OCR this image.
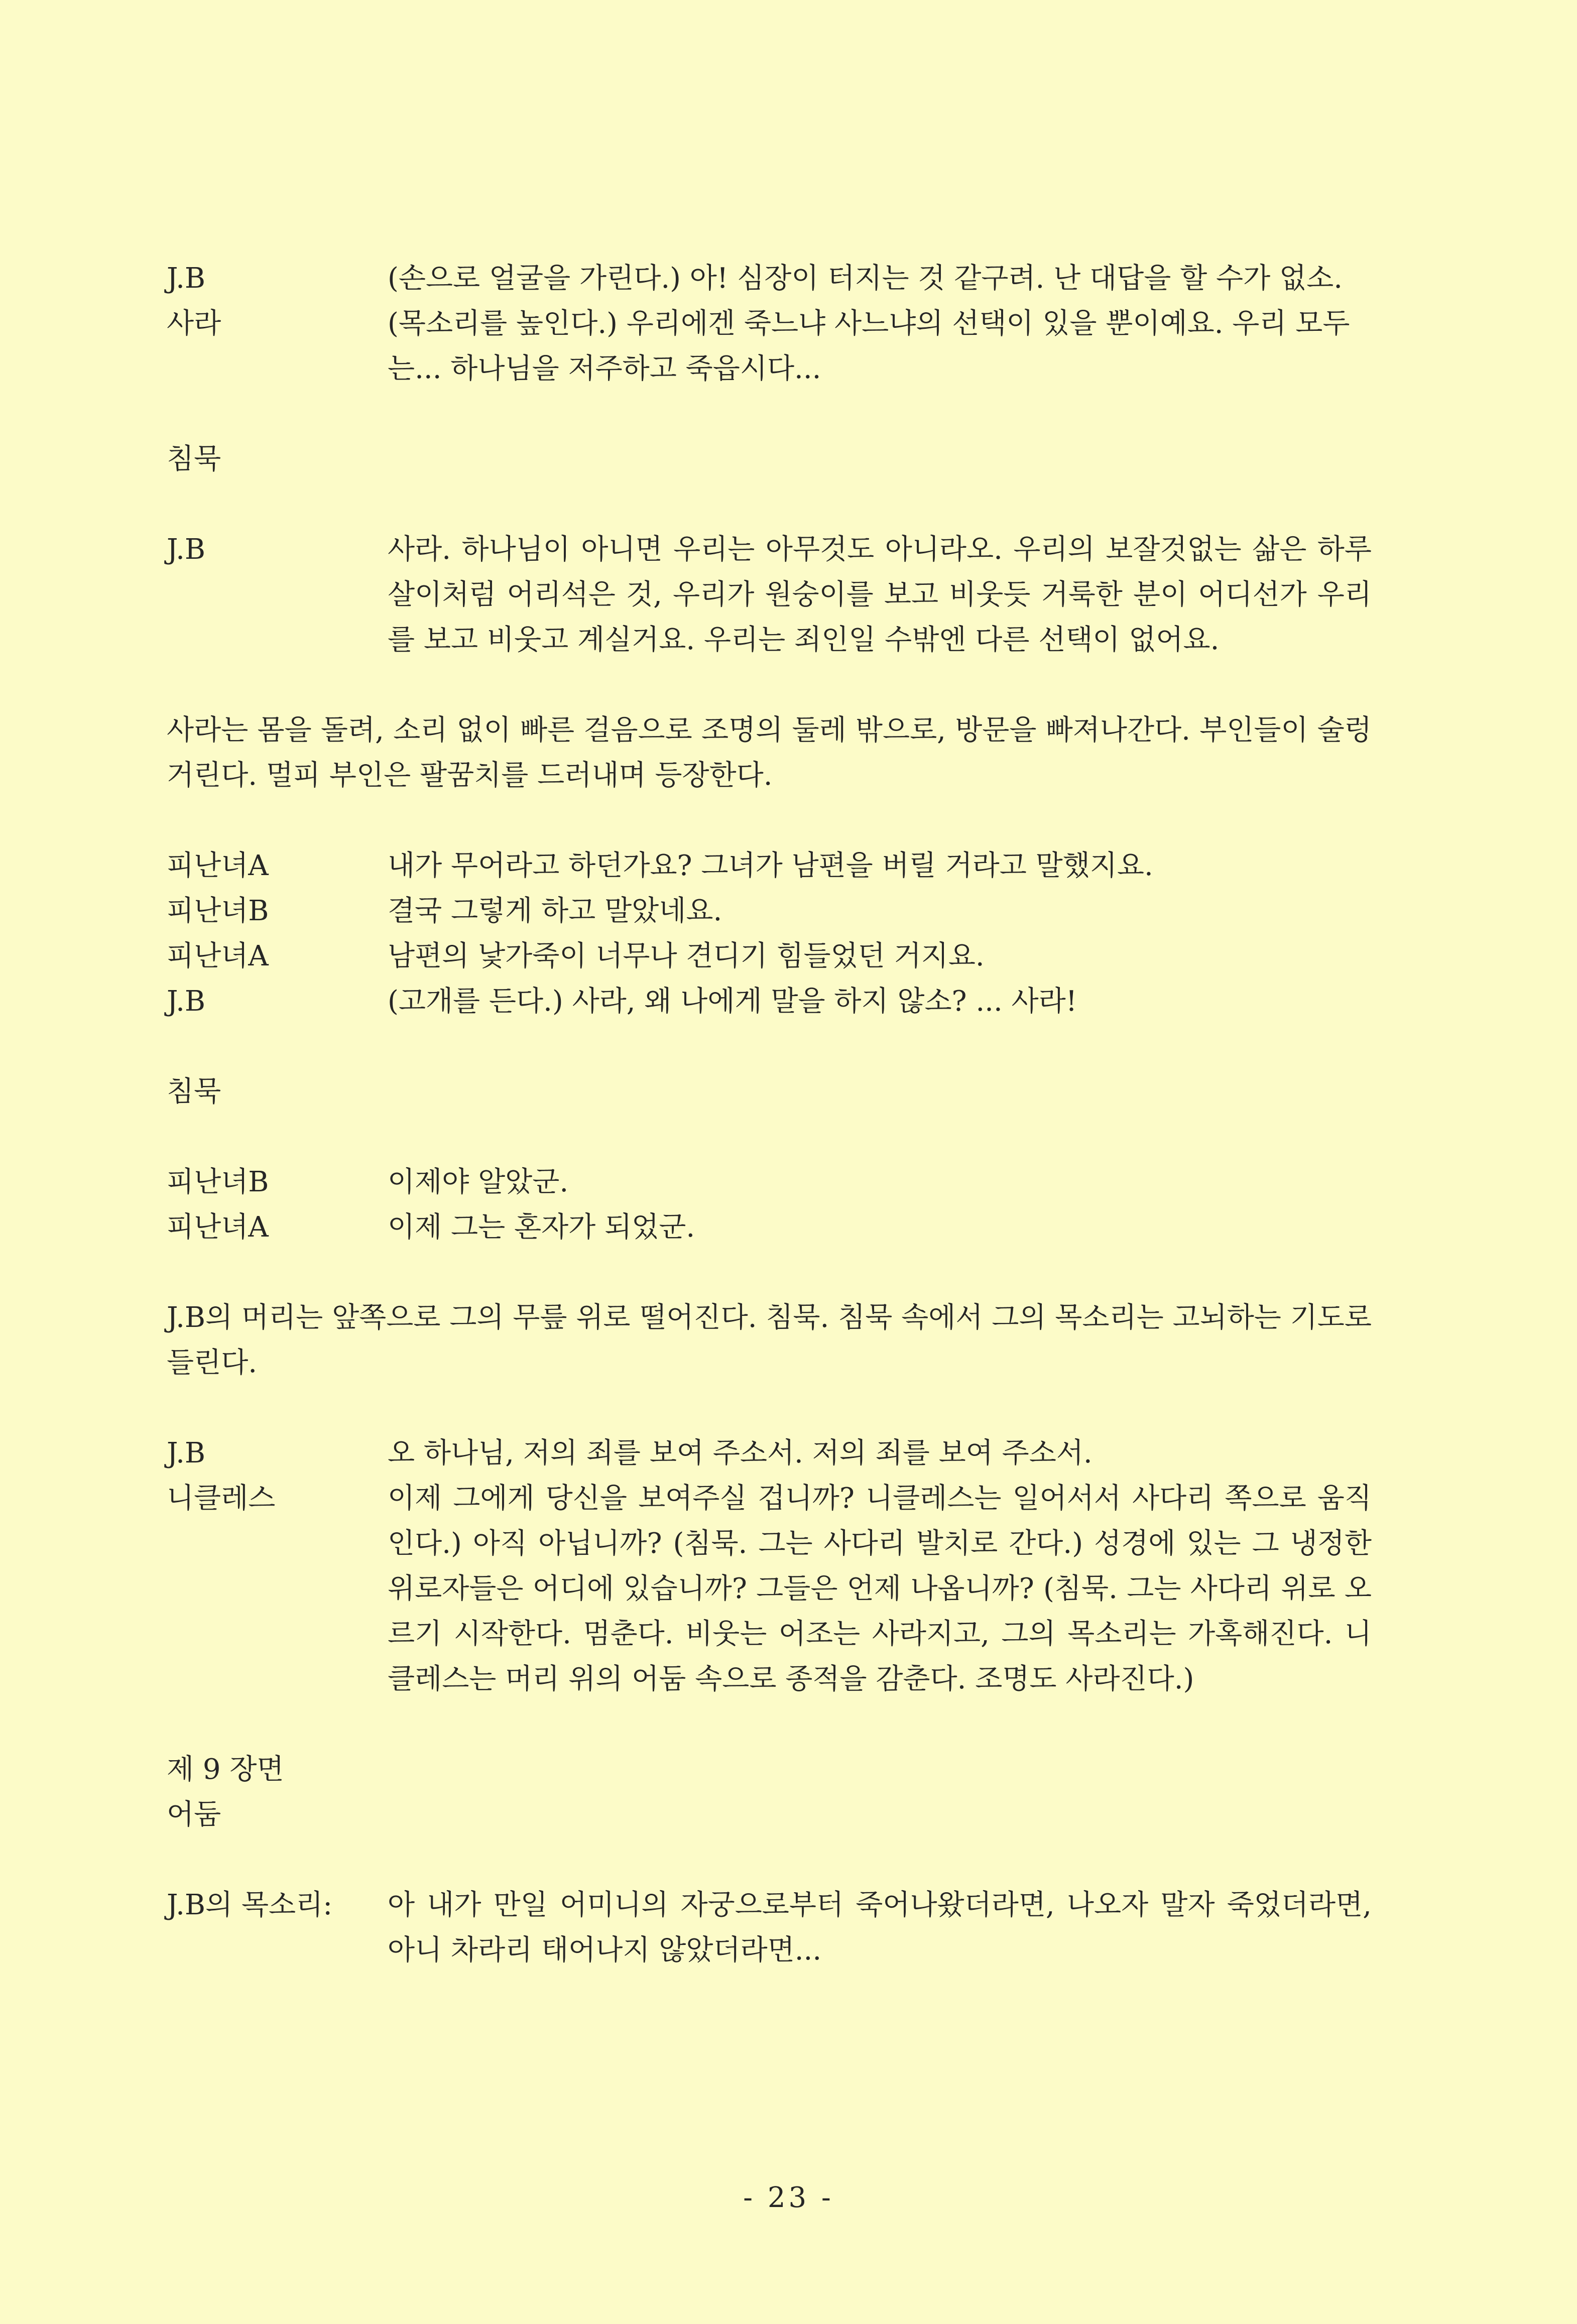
J.B	(손으로 얼굴을 가린다.) 아! 심장이 터지는 것 같구려. 난 대답을 할 수가 없소.
사라	(목소리를 높인다.) 우리에겐 죽느냐 사느냐의 선택이 있을 뿐이예요. 우리 모두는... 하나님을 저주하고 죽읍시다...
침묵
J.B	사라. 하나님이 아니면 우리는 아무것도 아니라오. 우리의 보잘것없는 삶은 하루살이처럼 어리석은 것, 우리가 원숭이를 보고 비웃듯 거룩한 분이 어디선가 우리를 보고 비웃고 계실거요. 우리는 죄인일 수밖엔 다른 선택이 없어요.
사라는 몸을 돌려, 소리 없이 빠른 걸음으로 조명의 둘레 밖으로, 방문을 빠져나간다. 부인들이 술렁거린다. 멀피 부인은 팔꿈치를 드러내며 등장한다.
피난녀A	내가 무어라고 하던가요? 그녀가 남편을 버릴 거라고 말했지요.
피난녀B	결국 그렇게 하고 말았네요.
피난녀A	남편의 낯가죽이 너무나 견디기 힘들었던 거지요.
J.B	(고개를 든다.) 사라, 왜 나에게 말을 하지 않소? ... 사라!
침묵
피난녀B	이제야 알았군.
피난녀A	이제 그는 혼자가 되었군.
J.B의 머리는 앞쪽으로 그의 무릎 위로 떨어진다. 침묵. 침묵 속에서 그의 목소리는 고뇌하는 기도로 들린다.
J.B	오 하나님, 저의 죄를 보여 주소서. 저의 죄를 보여 주소서.
니클레스	이제 그에게 당신을 보여주실 겁니까? 니클레스는 일어서서 사다리 쪽으로 움직인다.) 아직 아닙니까? (침묵. 그는 사다리 발치로 간다.) 성경에 있는 그 냉정한 위로자들은 어디에 있습니까? 그들은 언제 나옵니까? (침묵. 그는 사다리 위로 오르기 시작한다. 멈춘다. 비웃는 어조는 사라지고, 그의 목소리는 가혹해진다. 니클레스는 머리 위의 어둠 속으로 종적을 감춘다. 조명도 사라진다.)
제 9 장면
어둠
J.B의 목소리:	아 내가 만일 어미니의 자궁으로부터 죽어나왔더라면, 나오자 말자 죽었더라면, 아니 차라리 태어나지 않았더라면...
- 23 -
